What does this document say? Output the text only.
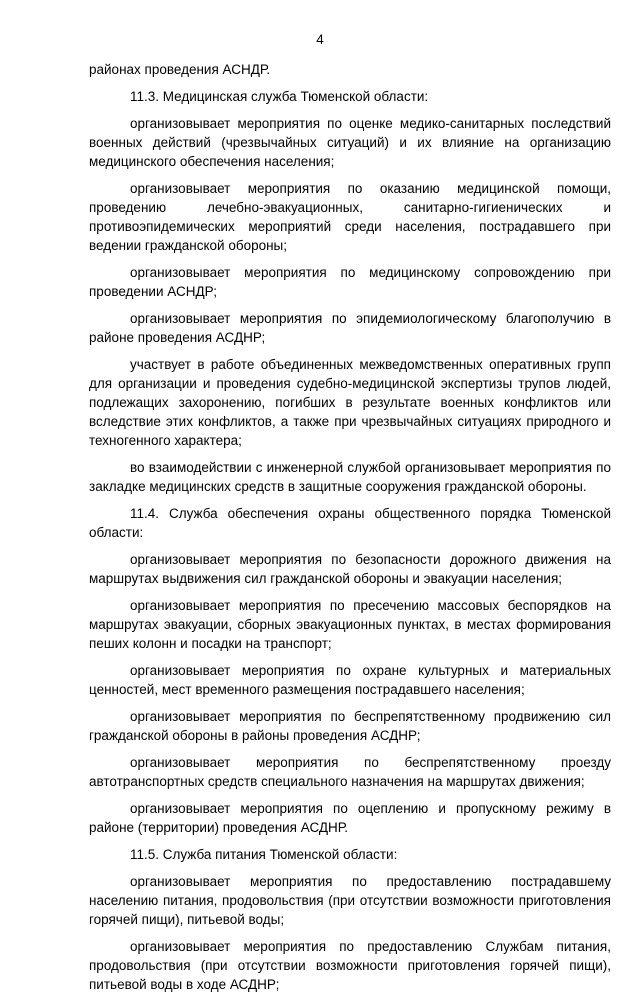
4

районах проведения АСНДР.

11.3. Медицинская служба Тюменской области:

организовывает мероприятия по оценке медико-санитарных последствий военных действий (чрезвычайных ситуаций) и их влияние на организацию медицинского обеспечения населения;

организовывает мероприятия по оказанию медицинской помощи, проведению лечебно-эвакуационных, санитарно-гигиенических и противоэпидемических мероприятий среди населения, пострадавшего при ведении гражданской обороны;

организовывает мероприятия по медицинскому сопровождению при проведении АСНДР;

организовывает мероприятия по эпидемиологическому благополучию в районе проведения АСДНР;

участвует в работе объединенных межведомственных оперативных групп для организации и проведения судебно-медицинской экспертизы трупов людей, подлежащих захоронению, погибших в результате военных конфликтов или вследствие этих конфликтов, а также при чрезвычайных ситуациях природного и техногенного характера;

во взаимодействии с инженерной службой организовывает мероприятия по закладке медицинских средств в защитные сооружения гражданской обороны.

11.4. Служба обеспечения охраны общественного порядка Тюменской области:

организовывает мероприятия по безопасности дорожного движения на маршрутах выдвижения сил гражданской обороны и эвакуации населения;

организовывает мероприятия по пресечению массовых беспорядков на маршрутах эвакуации, сборных эвакуационных пунктах, в местах формирования пеших колонн и посадки на транспорт;

организовывает мероприятия по охране культурных и материальных ценностей, мест временного размещения пострадавшего населения;

организовывает мероприятия по беспрепятственному продвижению сил гражданской обороны в районы проведения АСДНР;

организовывает мероприятия по беспрепятственному проезду автотранспортных средств специального назначения на маршрутах движения;

организовывает мероприятия по оцеплению и пропускному режиму в районе (территории) проведения АСДНР.

11.5. Служба питания Тюменской области:

организовывает мероприятия по предоставлению пострадавшему населению питания, продовольствия (при отсутствии возможности приготовления горячей пищи), питьевой воды;

организовывает мероприятия по предоставлению Службам питания, продовольствия (при отсутствии возможности приготовления горячей пищи), питьевой воды в ходе АСДНР;
